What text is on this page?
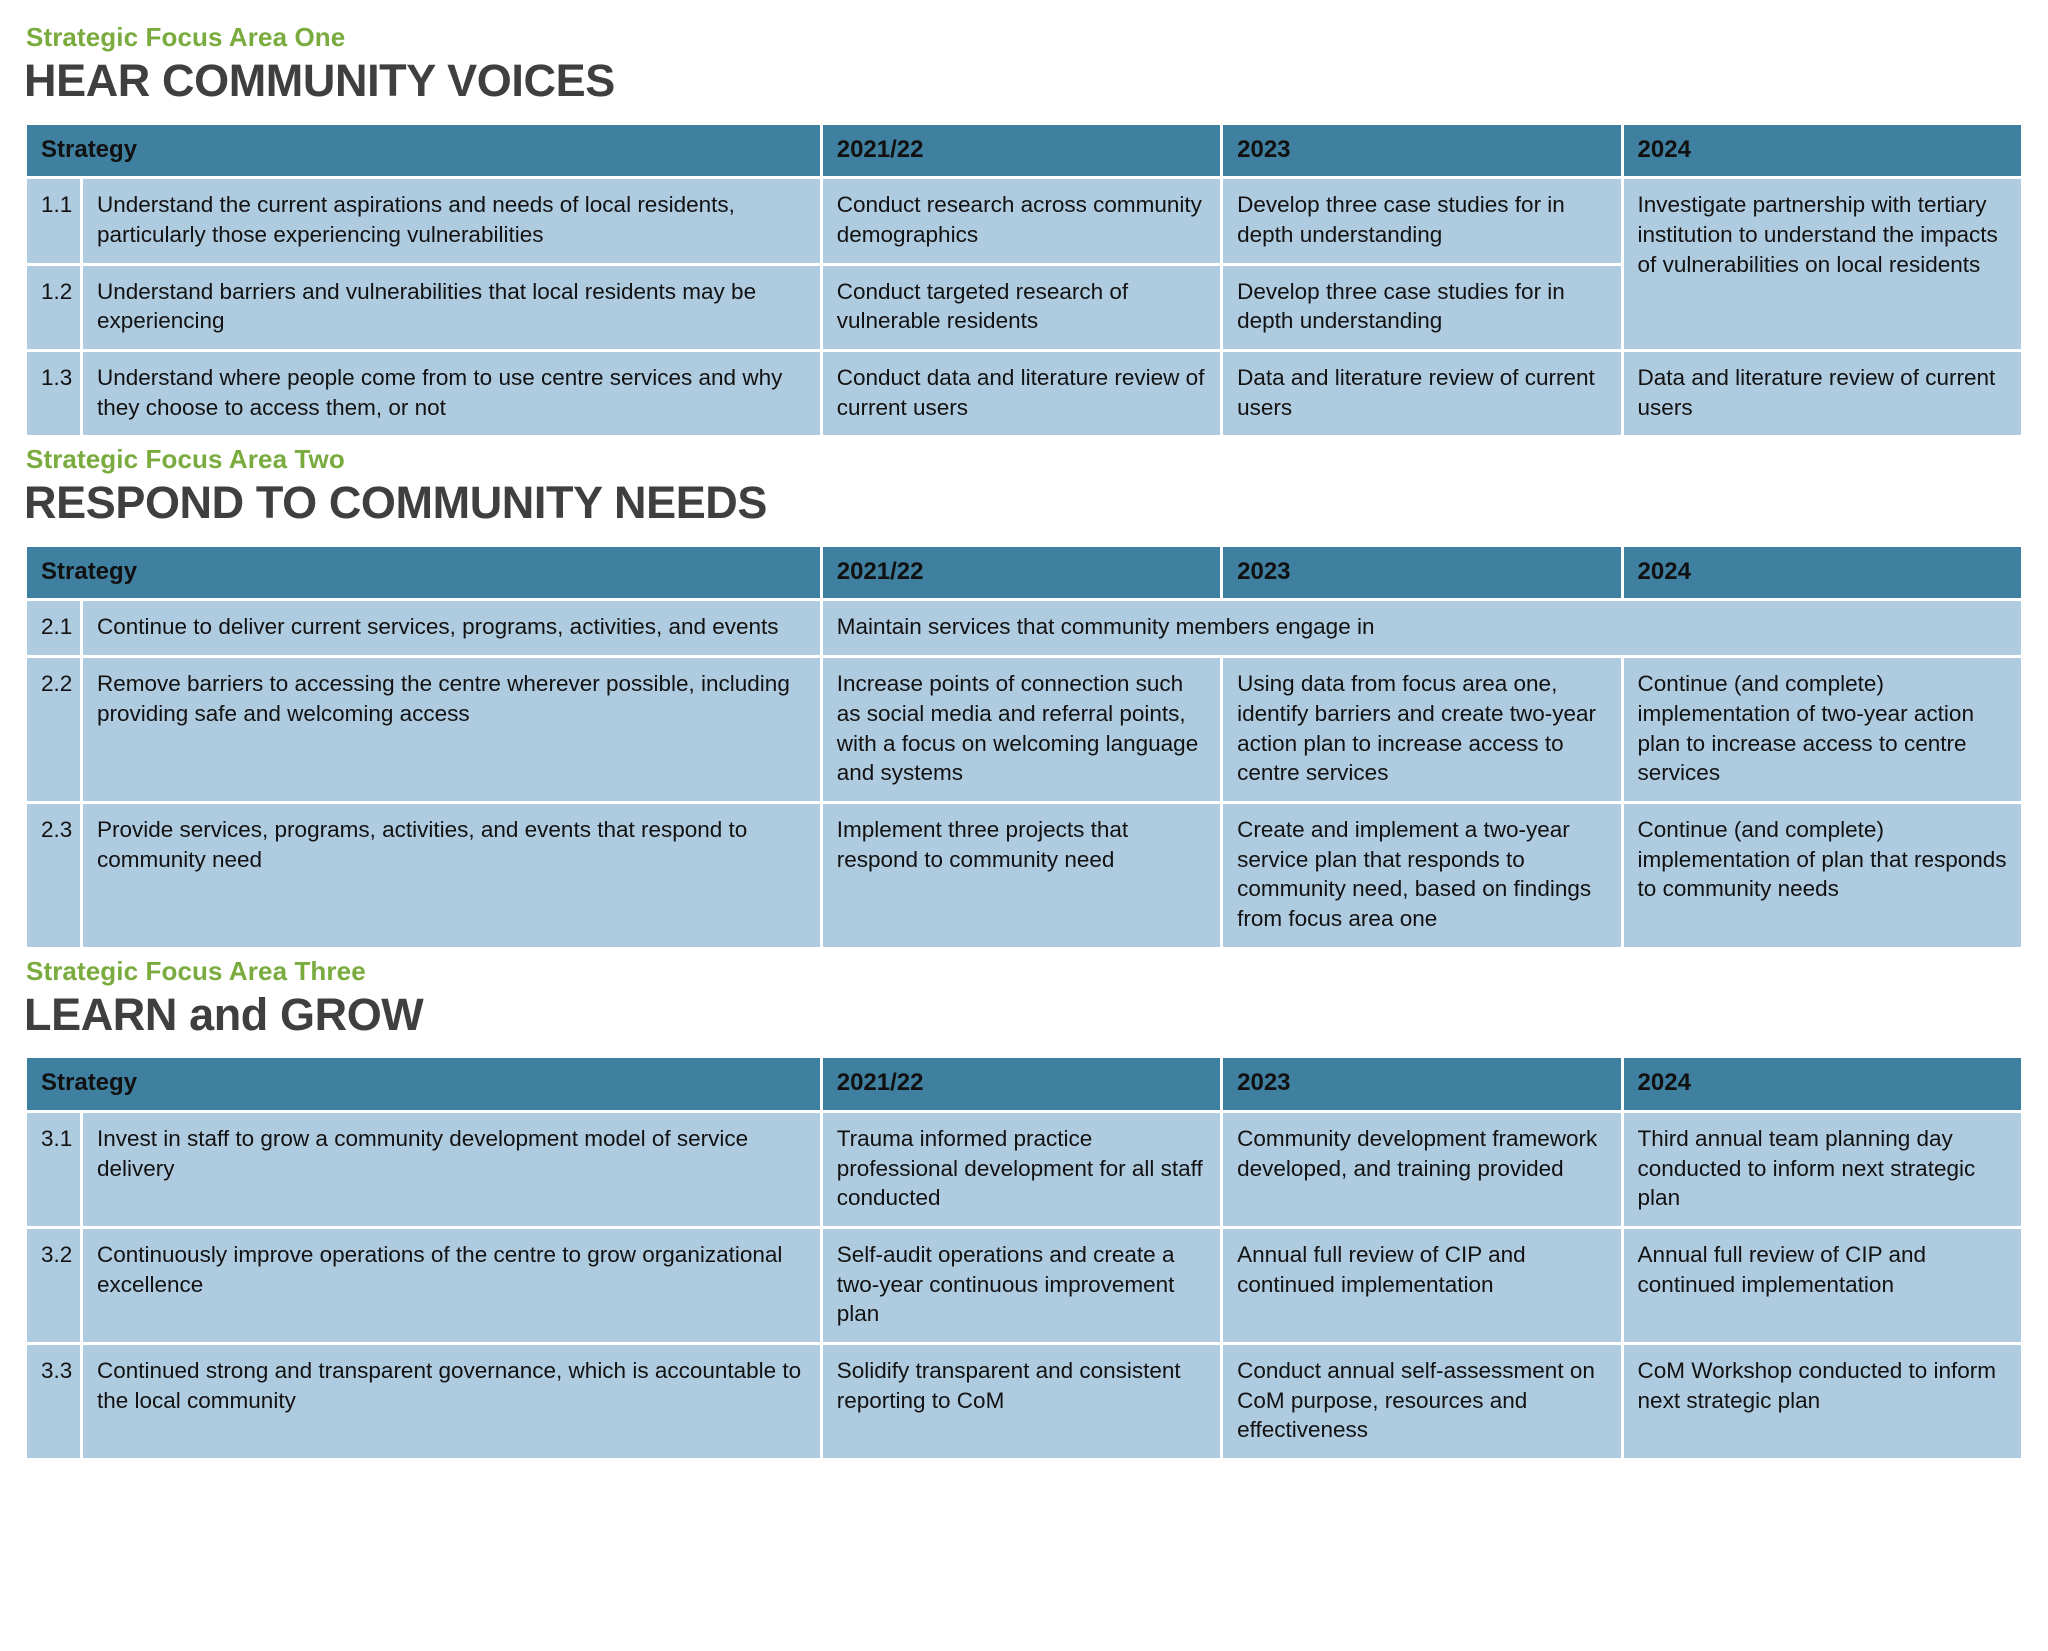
Strategic Focus Area One
HEAR COMMUNITY VOICES
Strategy		2021/22	2023	2024
1.1	Understand the current aspirations and needs of local residents, particularly those experiencing vulnerabilities	Conduct research across community demographics	Develop three case studies for in depth understanding	Investigate partnership with tertiary institution to understand the impacts of vulnerabilities on local residents
1.2	Understand barriers and vulnerabilities that local residents may be experiencing	Conduct targeted research of vulnerable residents	Develop three case studies for in depth understanding	
1.3	Understand where people come from to use centre services and why they choose to access them, or not	Conduct data and literature review of current users	Data and literature review of current users	Data and literature review of current users
Strategic Focus Area Two
RESPOND TO COMMUNITY NEEDS
Strategy		2021/22	2023	2024
2.1	Continue to deliver current services, programs, activities, and events	Maintain services that community members engage in		
2.2	Remove barriers to accessing the centre wherever possible, including providing safe and welcoming access	Increase points of connection such as social media and referral points, with a focus on welcoming language and systems	Using data from focus area one, identify barriers and create two-year action plan to increase access to centre services	Continue (and complete) implementation of two-year action plan to increase access to centre services
2.3	Provide services, programs, activities, and events that respond to community need	Implement three projects that respond to community need	Create and implement a two-year service plan that responds to community need, based on findings from focus area one	Continue (and complete) implementation of plan that responds to community needs
Strategic Focus Area Three
LEARN and GROW
Strategy		2021/22	2023	2024
3.1	Invest in staff to grow a community development model of service delivery	Trauma informed practice professional development for all staff conducted	Community development framework developed, and training provided	Third annual team planning day conducted to inform next strategic plan
3.2	Continuously improve operations of the centre to grow organizational excellence	Self-audit operations and create a two-year continuous improvement plan	Annual full review of CIP and continued implementation	Annual full review of CIP and continued implementation
3.3	Continued strong and transparent governance, which is accountable to the local community	Solidify transparent and consistent reporting to CoM	Conduct annual self-assessment on CoM purpose, resources and effectiveness	CoM Workshop conducted to inform next strategic plan
